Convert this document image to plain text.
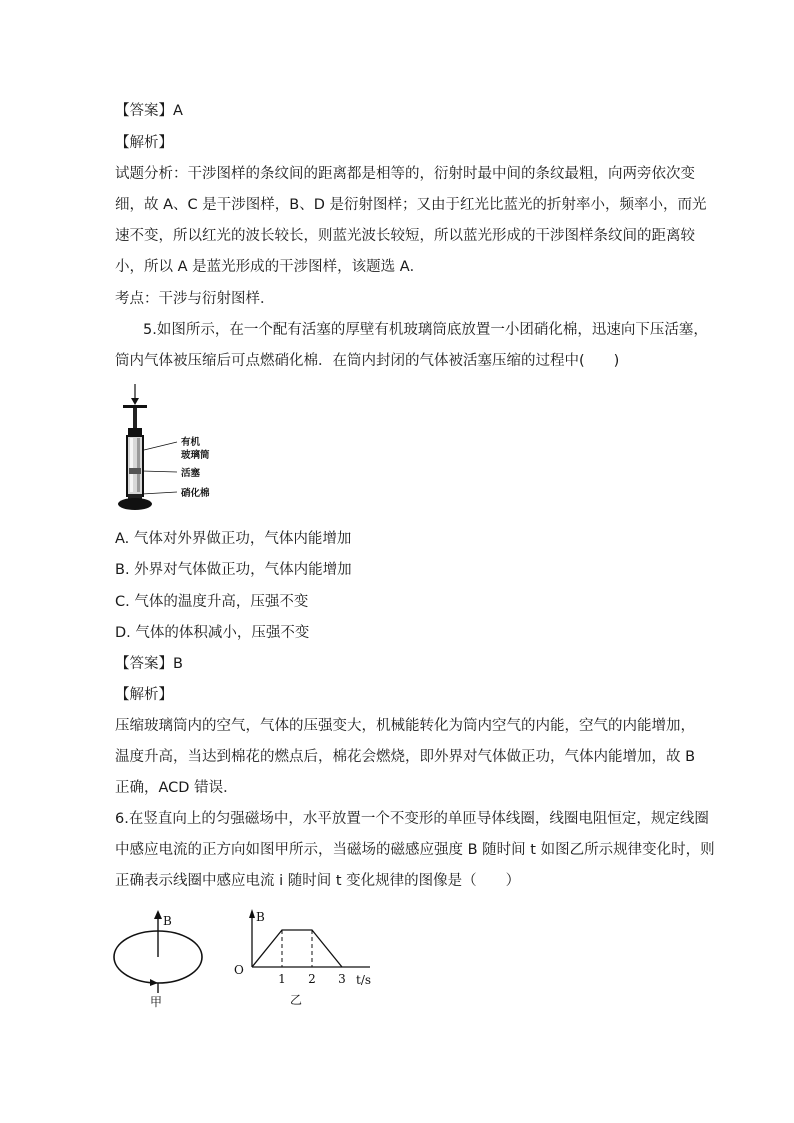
【答案】A
【解析】
试题分析：干涉图样的条纹间的距离都是相等的，衍射时最中间的条纹最粗，向两旁依次变
细，故 A、C 是干涉图样，B、D 是衍射图样；又由于红光比蓝光的折射率小，频率小，而光
速不变，所以红光的波长较长，则蓝光波长较短，所以蓝光形成的干涉图样条纹间的距离较
小，所以 A 是蓝光形成的干涉图样，该题选 A．
考点：干涉与衍射图样．
5.如图所示，在一个配有活塞的厚壁有机玻璃筒底放置一小团硝化棉，迅速向下压活塞，
筒内气体被压缩后可点燃硝化棉．在筒内封闭的气体被活塞压缩的过程中(　　)
有机
玻璃筒
活塞
硝化棉
A. 气体对外界做正功，气体内能增加
B. 外界对气体做正功，气体内能增加
C. 气体的温度升高，压强不变
D. 气体的体积减小，压强不变
【答案】B
【解析】
压缩玻璃筒内的空气，气体的压强变大，机械能转化为筒内空气的内能，空气的内能增加，
温度升高，当达到棉花的燃点后，棉花会燃烧，即外界对气体做正功，气体内能增加，故 B
正确，ACD 错误．
6.在竖直向上的匀强磁场中，水平放置一个不变形的单匝导体线圈，线圈电阻恒定，规定线圈
中感应电流的正方向如图甲所示，当磁场的磁感应强度 B 随时间 t 如图乙所示规律变化时，则
正确表示线圈中感应电流 i 随时间 t 变化规律的图像是（　　）
B
甲
B
O
1 2 3 t/s
乙
